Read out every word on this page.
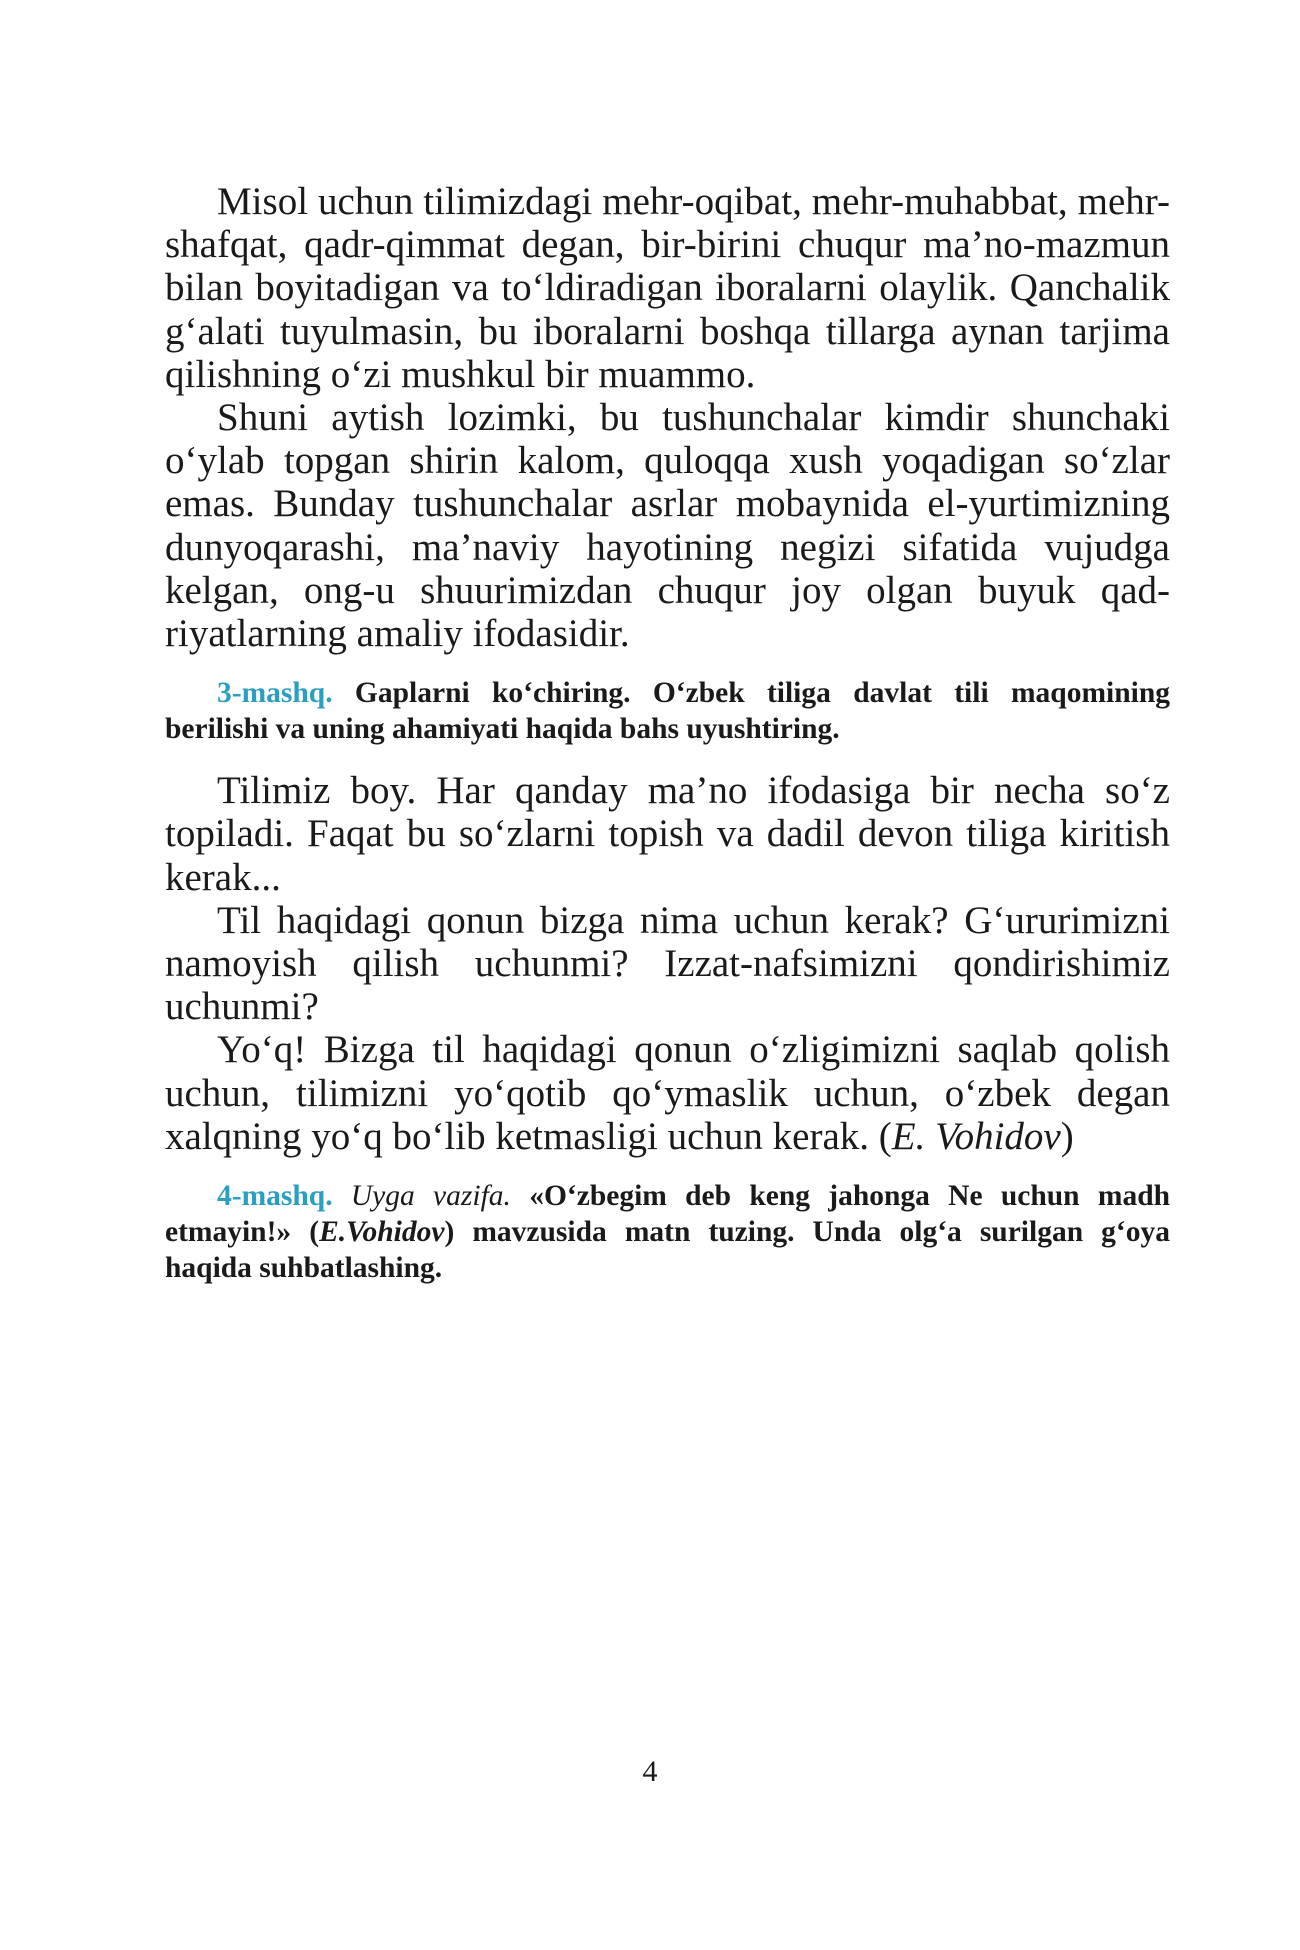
Misol uchun tilimizdagi mehr-oqibat, mehr-muhabbat, mehr-shafqat, qadr-qimmat degan, bir-birini chuqur ma’no-mazmun bilan boyitadigan va to‘ldiradigan iboralarni olaylik. Qanchalik g‘alati tuyulmasin, bu iboralarni boshqa tillarga aynan tarjima qilishning o‘zi mushkul bir muammo.

Shuni aytish lozimki, bu tushunchalar kimdir shunchaki o‘ylab topgan shirin kalom, quloqqa xush yoqadigan so‘zlar emas. Bunday tushunchalar asrlar mobaynida el-yurtimizning dunyoqarashi, ma’naviy hayotining negizi sifatida vujudga kelgan, ong-u shuurimizdan chuqur joy olgan buyuk qad-riyatlarning amaliy ifodasidir.

3-mashq. Gaplarni ko‘chiring. O‘zbek tiliga davlat tili maqomining berilishi va uning ahamiyati haqida bahs uyushtiring.

Tilimiz boy. Har qanday ma’no ifodasiga bir necha so‘z topiladi. Faqat bu so‘zlarni topish va dadil devon tiliga kiritish kerak...

Til haqidagi qonun bizga nima uchun kerak? G‘ururimizni namoyish qilish uchunmi? Izzat-nafsimizni qondirishimiz uchunmi?

Yo‘q! Bizga til haqidagi qonun o‘zligimizni saqlab qolish uchun, tilimizni yo‘qotib qo‘ymaslik uchun, o‘zbek degan xalqning yo‘q bo‘lib ketmasligi uchun kerak. (E. Vohidov)

4-mashq. Uyga vazifa. «O‘zbegim deb keng jahonga Ne uchun madh etmayin!» (E.Vohidov) mavzusida matn tuzing. Unda olg‘a surilgan g‘oya haqida suhbatlashing.

4
